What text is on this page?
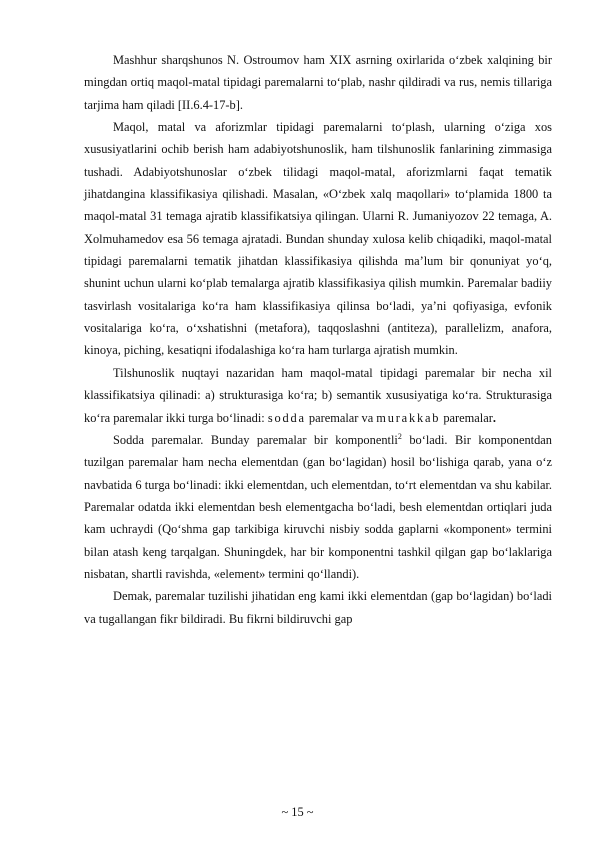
Mashhur sharqshunos N. Ostroumov ham XIX asrning oxirlarida o‘zbek xalqining bir mingdan ortiq maqol-matal tipidagi paremalarni to‘plab, nashr qildiradi va rus, nemis tillariga tarjima ham qiladi [II.6.4-17-b].

Maqol, matal va aforizmlar tipidagi paremalarni to‘plash, ularning o‘ziga xos xususiyatlarini ochib berish ham adabiyotshunoslik, ham tilshunoslik fanlarining zimmasiga tushadi. Adabiyotshunoslar o‘zbek tilidagi maqol-matal, aforizmlarni faqat tematik jihatdangina klassifikasiya qilishadi. Masalan, «O‘zbek xalq maqollari» to‘plamida 1800 ta maqol-matal 31 temaga ajratib klassifikatsiya qilingan. Ularni R. Jumaniyozov 22 temaga, A. Xolmuhamedov esa 56 temaga ajratadi. Bundan shunday xulosa kelib chiqadiki, maqol-matal tipidagi paremalarni tematik jihatdan klassifikasiya qilishda ma’lum bir qonuniyat yo‘q, shunint uchun ularni ko‘plab temalarga ajratib klassifikasiya qilish mumkin. Paremalar badiiy tasvirlash vositalariga ko‘ra ham klassifikasiya qilinsa bo‘ladi, ya’ni qofiyasiga, evfonik vositalariga ko‘ra, o‘xshatishni (metafora), taqqoslashni (antiteza), parallelizm, anafora, kinoya, piching, kesatiqni ifodalashiga ko‘ra ham turlarga ajratish mumkin.

Tilshunoslik nuqtayi nazaridan ham maqol-matal tipidagi paremalar bir necha xil klassifikatsiya qilinadi: a) strukturasiga ko‘ra; b) semantik xususiyatiga ko‘ra. Strukturasiga ko‘ra paremalar ikki turga bo‘linadi: sodda paremalar va murakkab paremalar.

Sodda paremalar. Bunday paremalar bir komponentli$^2$ bo‘ladi. Bir komponentdan tuzilgan paremalar ham necha elementdan (gan bo‘lagidan) hosil bo‘lishiga qarab, yana o‘z navbatida 6 turga bo‘linadi: ikki elementdan, uch elementdan, to‘rt elementdan va shu kabilar. Paremalar odatda ikki elementdan besh elementgacha bo‘ladi, besh elementdan ortiqlari juda kam uchraydi (Qo‘shma gap tarkibiga kiruvchi nisbiy sodda gaplarni «komponent» termini bilan atash keng tarqalgan. Shuningdek, har bir komponentni tashkil qilgan gap bo‘laklariga nisbatan, shartli ravishda, «element» termini qo‘llandi).

Demak, paremalar tuzilishi jihatidan eng kami ikki elementdan (gap bo‘lagidan) bo‘ladi va tugallangan fikr bildiradi. Bu fikrni bildiruvchi gap

~ 15 ~
